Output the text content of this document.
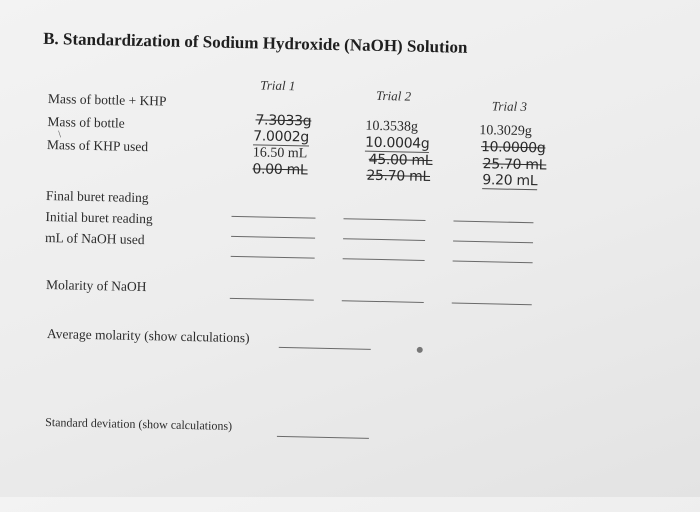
B. Standardization of Sodium Hydroxide (NaOH) Solution
Trial 1
Trial 2
Trial 3
Mass of bottle + KHP
Mass of bottle
\
Mass of KHP used
7.3033g
7.0002g
16.50 mL
0.00 mL
10.3538g
10.0004g
45.00 mL
25.70 mL
10.3029g
10.0000g
25.70 mL
9.20 mL
Final buret reading
Initial buret reading
mL of NaOH used
Molarity of NaOH
Average molarity (show calculations)
Standard deviation (show calculations)
